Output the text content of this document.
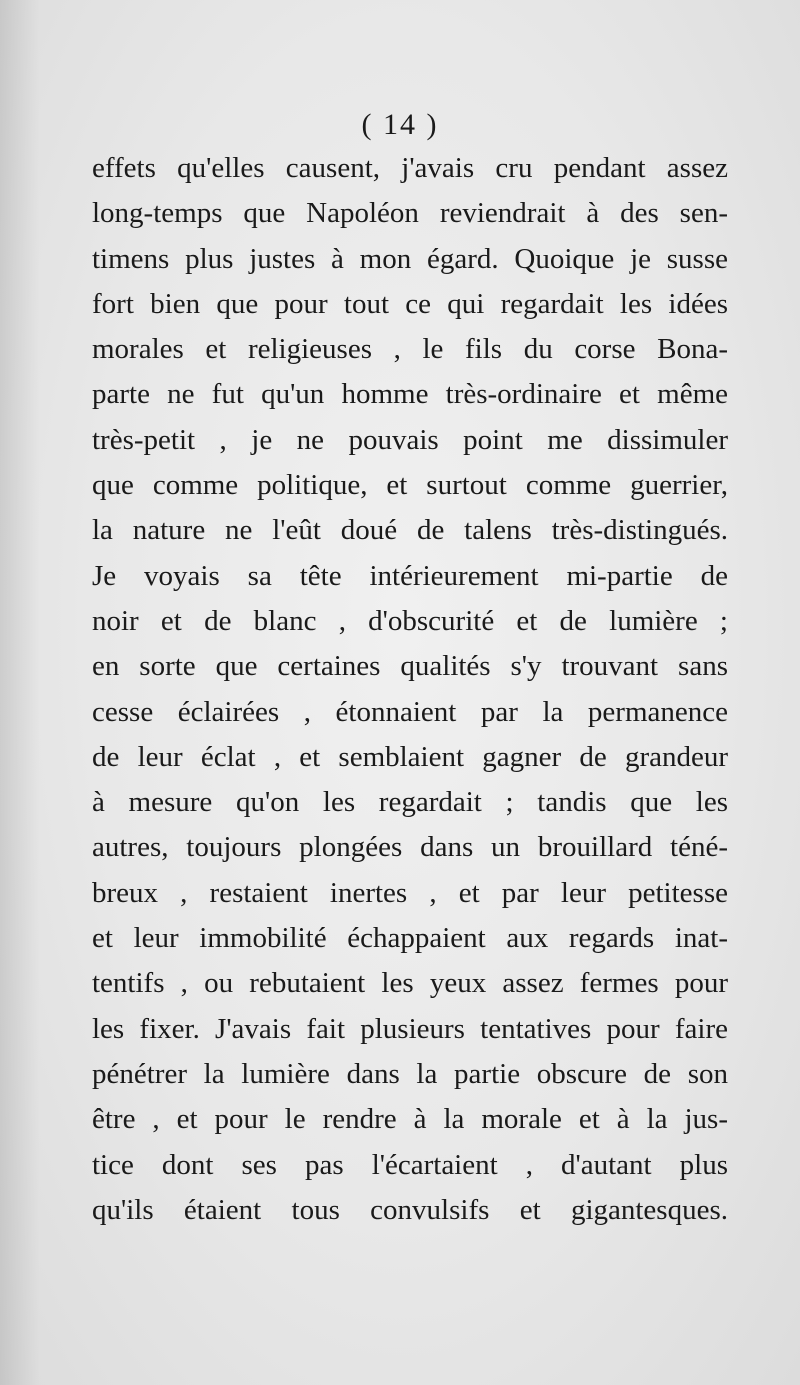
( 14 )
effets qu'elles causent, j'avais cru pendant assez
long-temps que Napoléon reviendrait à des sen-
timens plus justes à mon égard. Quoique je susse
fort bien que pour tout ce qui regardait les idées
morales et religieuses , le fils du corse Bona-
parte ne fut qu'un homme très-ordinaire et même
très-petit , je ne pouvais point me dissimuler
que comme politique, et surtout comme guerrier,
la nature ne l'eût doué de talens très-distingués.
Je voyais sa tête intérieurement mi-partie de
noir et de blanc , d'obscurité et de lumière ;
en sorte que certaines qualités s'y trouvant sans
cesse éclairées , étonnaient par la permanence
de leur éclat , et semblaient gagner de grandeur
à mesure qu'on les regardait ; tandis que les
autres, toujours plongées dans un brouillard téné-
breux , restaient inertes , et par leur petitesse
et leur immobilité échappaient aux regards inat-
tentifs , ou rebutaient les yeux assez fermes pour
les fixer. J'avais fait plusieurs tentatives pour faire
pénétrer la lumière dans la partie obscure de son
être , et pour le rendre à la morale et à la jus-
tice dont ses pas l'écartaient , d'autant plus
qu'ils étaient tous convulsifs et gigantesques.
